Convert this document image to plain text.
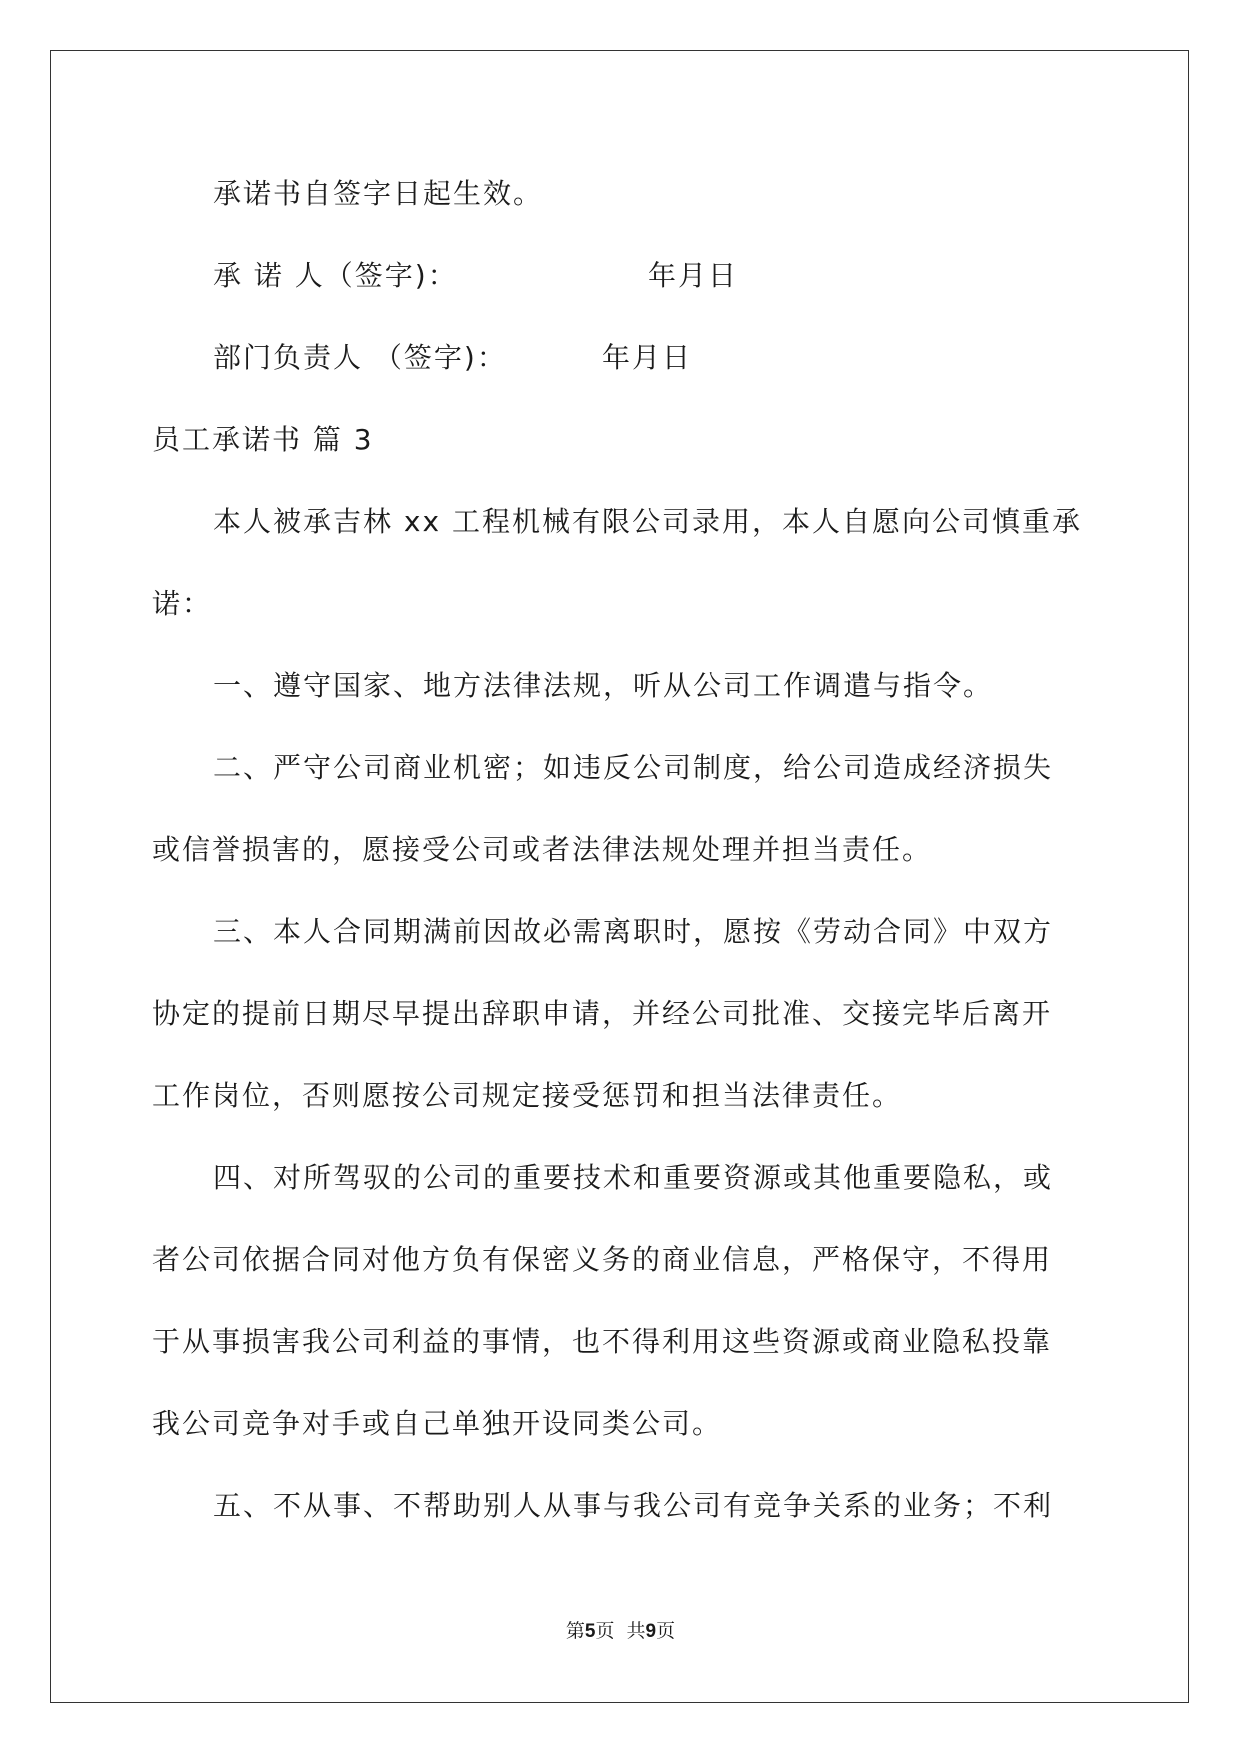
承诺书自签字日起生效。
承 诺 人（签字)：	年月日
部门负责人 （签字)：	年月日
员工承诺书 篇 3
本人被承吉林 xx 工程机械有限公司录用，本人自愿向公司慎重承
诺：
一、遵守国家、地方法律法规，听从公司工作调遣与指令。
二、严守公司商业机密；如违反公司制度，给公司造成经济损失
或信誉损害的，愿接受公司或者法律法规处理并担当责任。
三、本人合同期满前因故必需离职时，愿按《劳动合同》中双方
协定的提前日期尽早提出辞职申请，并经公司批准、交接完毕后离开
工作岗位，否则愿按公司规定接受惩罚和担当法律责任。
四、对所驾驭的公司的重要技术和重要资源或其他重要隐私，或
者公司依据合同对他方负有保密义务的商业信息，严格保守，不得用
于从事损害我公司利益的事情，也不得利用这些资源或商业隐私投靠
我公司竞争对手或自己单独开设同类公司。
五、不从事、不帮助别人从事与我公司有竞争关系的业务；不利
第5页  共9页
